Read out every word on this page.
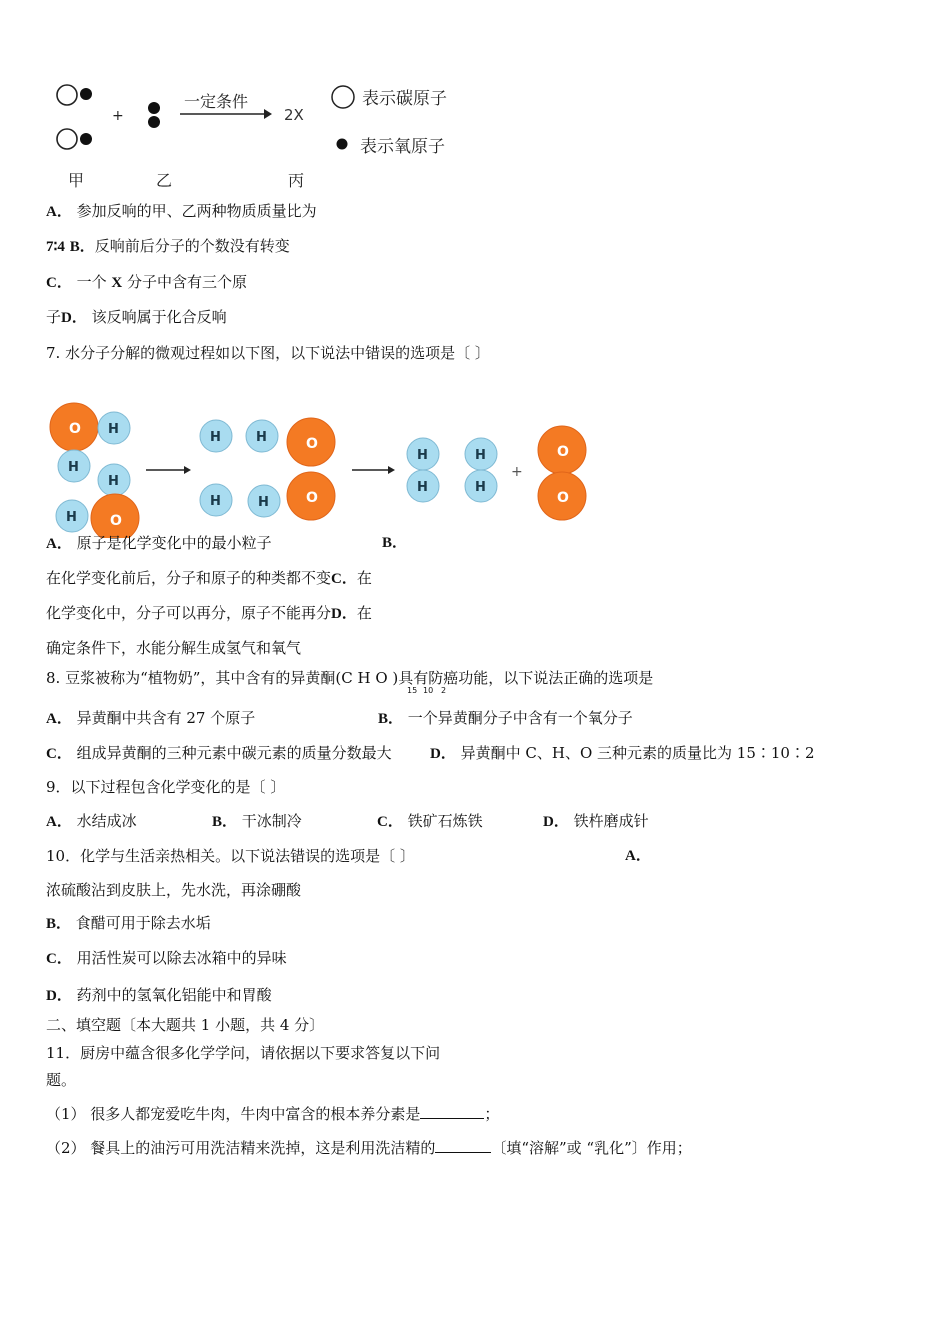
+
一定条件
2X
表示碳原子
表示氧原子
甲	乙	丙
A． 参加反响的甲、乙两种物质质量比为
7∶4 B．反响前后分子的个数没有转变
C． 一个 X 分子中含有三个原
子D． 该反响属于化合反响
7. 水分子分解的微观过程如以下图，以下说法中错误的选项是〔 〕
O H
H
H
H O
H	H	O
H	H	O
H
H
H
H
+
O
O
A． 原子是化学变化中的最小粒子	B．
在化学变化前后，分子和原子的种类都不变C．在
化学变化中，分子可以再分，原子不能再分D．在
确定条件下，水能分解生成氢气和氧气
8. 豆浆被称为“植物奶”，其中含有的异黄酮(C H O )具有防癌功能，以下说法正确的选项是
15 10 2
A． 异黄酮中共含有 27 个原子	B． 一个异黄酮分子中含有一个氧分子
C． 组成异黄酮的三种元素中碳元素的质量分数最大	D． 异黄酮中 C、H、O 三种元素的质量比为 15∶10∶2
9．以下过程包含化学变化的是〔 〕
A． 水结成冰	B． 干冰制冷	C． 铁矿石炼铁	D． 铁杵磨成针
10．化学与生活亲热相关。以下说法错误的选项是〔 〕	A．
浓硫酸沾到皮肤上，先水洗，再涂硼酸
B． 食醋可用于除去水垢
C． 用活性炭可以除去冰箱中的异味
D． 药剂中的氢氧化铝能中和胃酸
二、填空题〔本大题共 1 小题，共 4 分〕
11．厨房中蕴含很多化学学问，请依据以下要求答复以下问
题。
（1） 很多人都宠爱吃牛肉，牛肉中富含的根本养分素是	；
（2） 餐具上的油污可用洗洁精来洗掉，这是利用洗洁精的	〔填“溶解”或 “乳化”〕作用；
